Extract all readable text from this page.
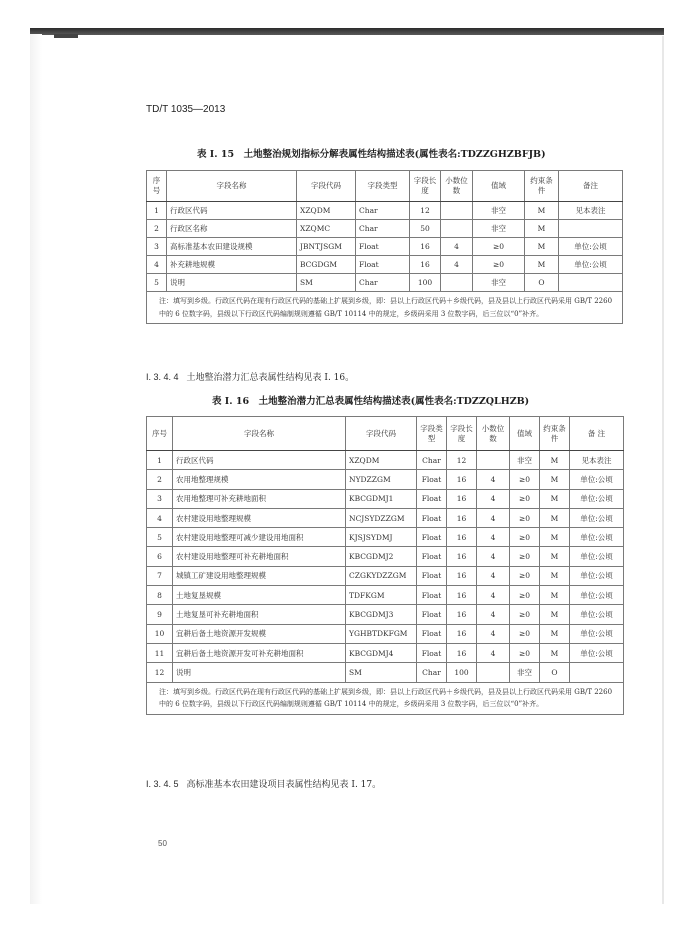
TD/T 1035—2013
表 I. 15　土地整治规划指标分解表属性结构描述表(属性表名:TDZZGHZBFJB)
序号	字段名称	字段代码	字段类型	字段长度	小数位数	值域	约束条件	备注
1	行政区代码	XZQDM	Char	12		非空	M	见本表注
2	行政区名称	XZQMC	Char	50		非空	M	
3	高标准基本农田建设规模	JBNTJSGM	Float	16	4	≥0	M	单位:公顷
4	补充耕地规模	BCGDGM	Float	16	4	≥0	M	单位:公顷
5	说明	SM	Char	100		非空	O	
注：填写到乡级。行政区代码在现有行政区代码的基础上扩展到乡级，即：县以上行政区代码＋乡级代码，县及县以上行政区代码采用 GB/T 2260 中的 6 位数字码，县级以下行政区代码编制规则遵循 GB/T 10114 中的规定，乡级码采用 3 位数字码，后三位以“0”补齐。								
I. 3. 4. 4 土地整治潜力汇总表属性结构见表 I. 16。
表 I. 16　土地整治潜力汇总表属性结构描述表(属性表名:TDZZQLHZB)
序号	字段名称	字段代码	字段类型	字段长度	小数位数	值域	约束条件	备 注
1	行政区代码	XZQDM	Char	12		非空	M	见本表注
2	农用地整理规模	NYDZZGM	Float	16	4	≥0	M	单位:公顷
3	农用地整理可补充耕地面积	KBCGDMJ1	Float	16	4	≥0	M	单位:公顷
4	农村建设用地整理规模	NCJSYDZZGM	Float	16	4	≥0	M	单位:公顷
5	农村建设用地整理可减少建设用地面积	KJSJSYDMJ	Float	16	4	≥0	M	单位:公顷
6	农村建设用地整理可补充耕地面积	KBCGDMJ2	Float	16	4	≥0	M	单位:公顷
7	城镇工矿建设用地整理规模	CZGKYDZZGM	Float	16	4	≥0	M	单位:公顷
8	土地复垦规模	TDFKGM	Float	16	4	≥0	M	单位:公顷
9	土地复垦可补充耕地面积	KBCGDMJ3	Float	16	4	≥0	M	单位:公顷
10	宜耕后备土地资源开发规模	YGHBTDKFGM	Float	16	4	≥0	M	单位:公顷
11	宜耕后备土地资源开发可补充耕地面积	KBCGDMJ4	Float	16	4	≥0	M	单位:公顷
12	说明	SM	Char	100		非空	O	
注：填写到乡级。行政区代码在现有行政区代码的基础上扩展到乡级，即：县以上行政区代码＋乡级代码，县及县以上行政区代码采用 GB/T 2260 中的 6 位数字码，县级以下行政区代码编制规则遵循 GB/T 10114 中的规定，乡级码采用 3 位数字码，后三位以“0”补齐。								
I. 3. 4. 5 高标准基本农田建设项目表属性结构见表 I. 17。
50
